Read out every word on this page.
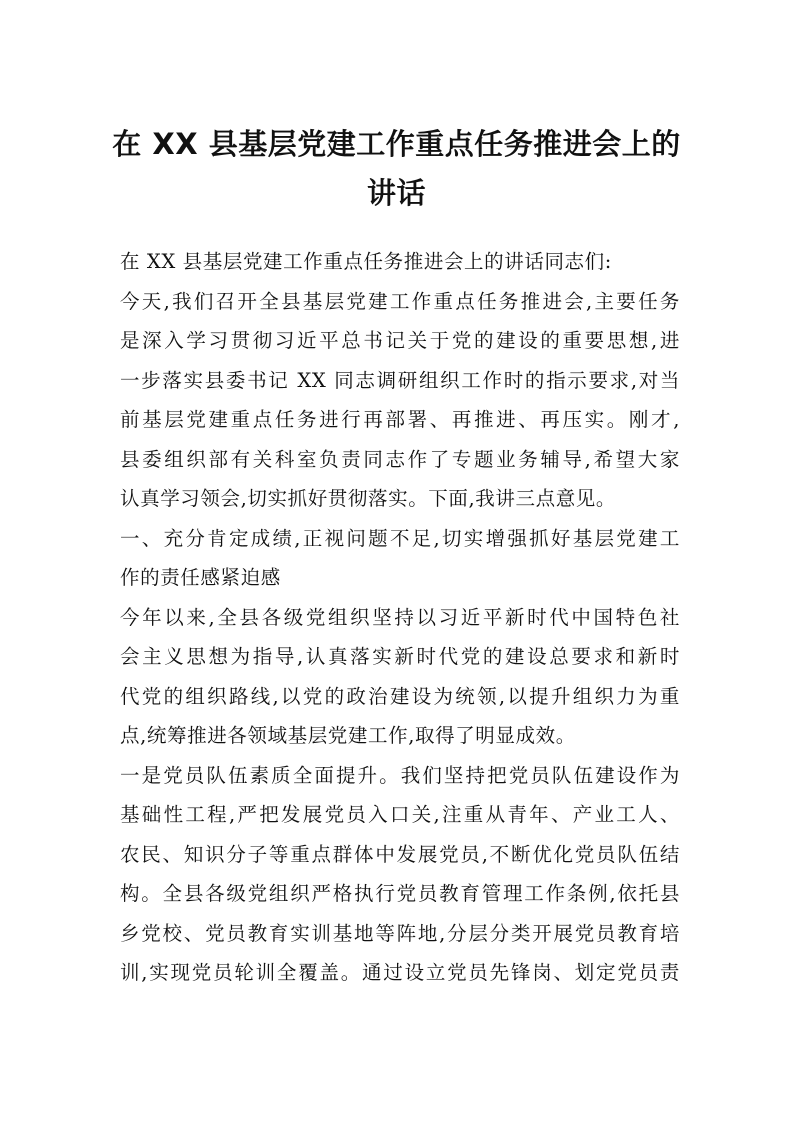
在 XX 县基层党建工作重点任务推进会上的
讲话

在 XX 县基层党建工作重点任务推进会上的讲话同志们:

今天,我们召开全县基层党建工作重点任务推进会,主要任务

是深入学习贯彻习近平总书记关于党的建设的重要思想,进

一步落实县委书记 XX 同志调研组织工作时的指示要求,对当

前基层党建重点任务进行再部署、再推进、再压实。刚才,

县委组织部有关科室负责同志作了专题业务辅导,希望大家

认真学习领会,切实抓好贯彻落实。下面,我讲三点意见。

一、充分肯定成绩,正视问题不足,切实增强抓好基层党建工

作的责任感紧迫感

今年以来,全县各级党组织坚持以习近平新时代中国特色社

会主义思想为指导,认真落实新时代党的建设总要求和新时

代党的组织路线,以党的政治建设为统领,以提升组织力为重

点,统筹推进各领域基层党建工作,取得了明显成效。

一是党员队伍素质全面提升。我们坚持把党员队伍建设作为

基础性工程,严把发展党员入口关,注重从青年、产业工人、

农民、知识分子等重点群体中发展党员,不断优化党员队伍结

构。全县各级党组织严格执行党员教育管理工作条例,依托县

乡党校、党员教育实训基地等阵地,分层分类开展党员教育培

训,实现党员轮训全覆盖。通过设立党员先锋岗、划定党员责
